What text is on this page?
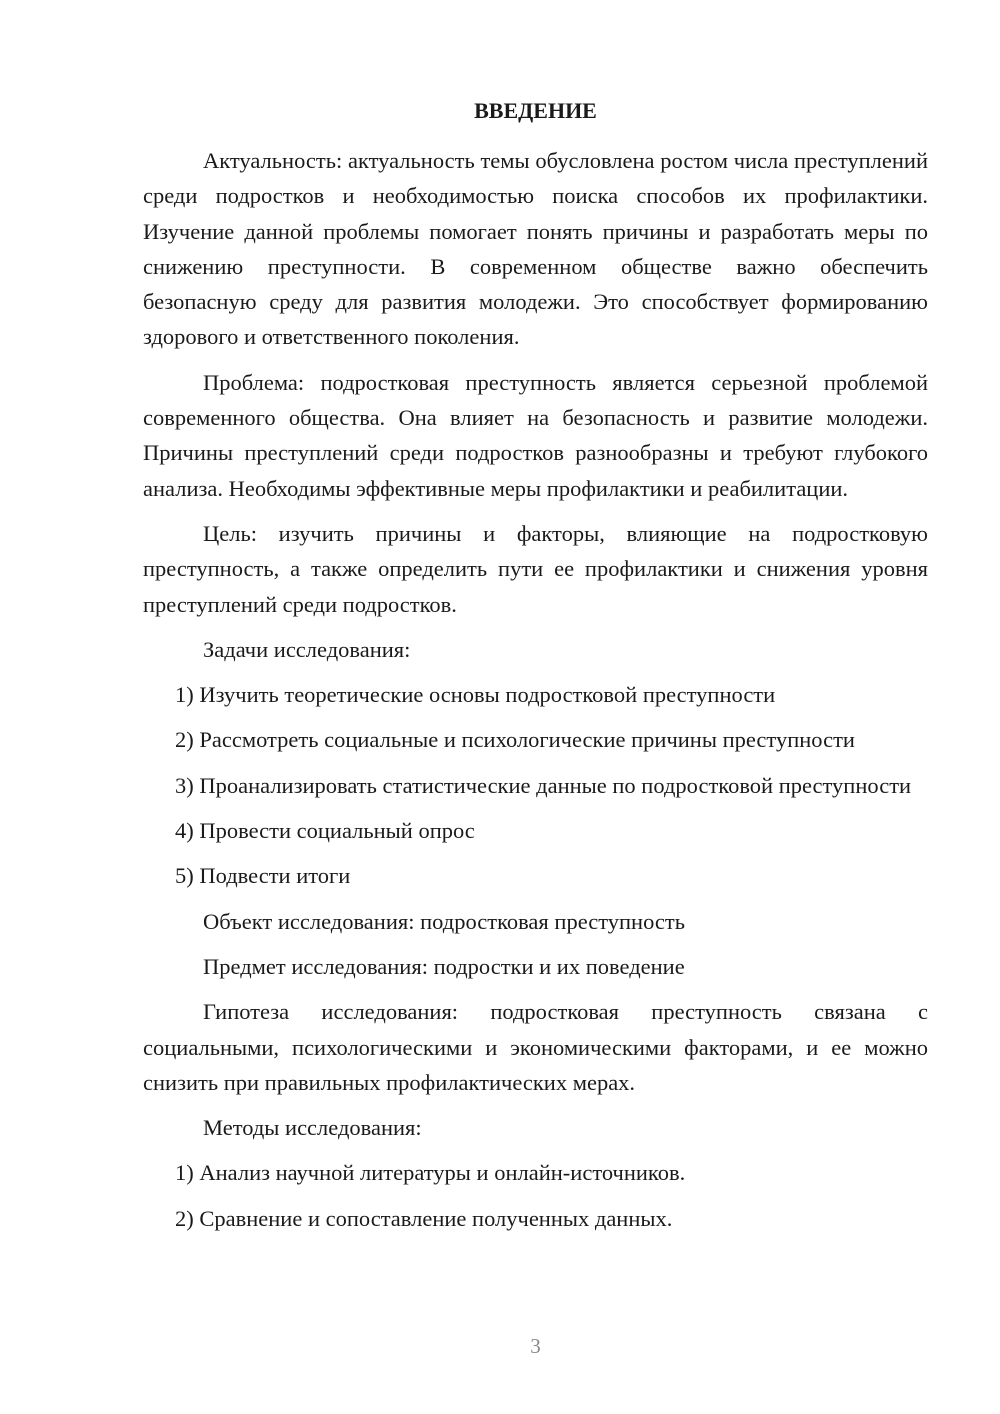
ВВЕДЕНИЕ

Актуальность: актуальность темы обусловлена ростом числа преступлений среди подростков и необходимостью поиска способов их профилактики. Изучение данной проблемы помогает понять причины и разработать меры по снижению преступности. В современном обществе важно обеспечить безопасную среду для развития молодежи. Это способствует формированию здорового и ответственного поколения.

Проблема: подростковая преступность является серьезной проблемой современного общества. Она влияет на безопасность и развитие молодежи. Причины преступлений среди подростков разнообразны и требуют глубокого анализа. Необходимы эффективные меры профилактики и реабилитации.

Цель: изучить причины и факторы, влияющие на подростковую преступность, а также определить пути ее профилактики и снижения уровня преступлений среди подростков.

Задачи исследования:

1) Изучить теоретические основы подростковой преступности

2) Рассмотреть социальные и психологические причины преступности

3) Проанализировать статистические данные по подростковой преступности

4) Провести социальный опрос

5) Подвести итоги

Объект исследования: подростковая преступность

Предмет исследования: подростки и их поведение

Гипотеза исследования: подростковая преступность связана с социальными, психологическими и экономическими факторами, и ее можно снизить при правильных профилактических мерах.

Методы исследования:

1) Анализ научной литературы и онлайн-источников.

2) Сравнение и сопоставление полученных данных.

3
